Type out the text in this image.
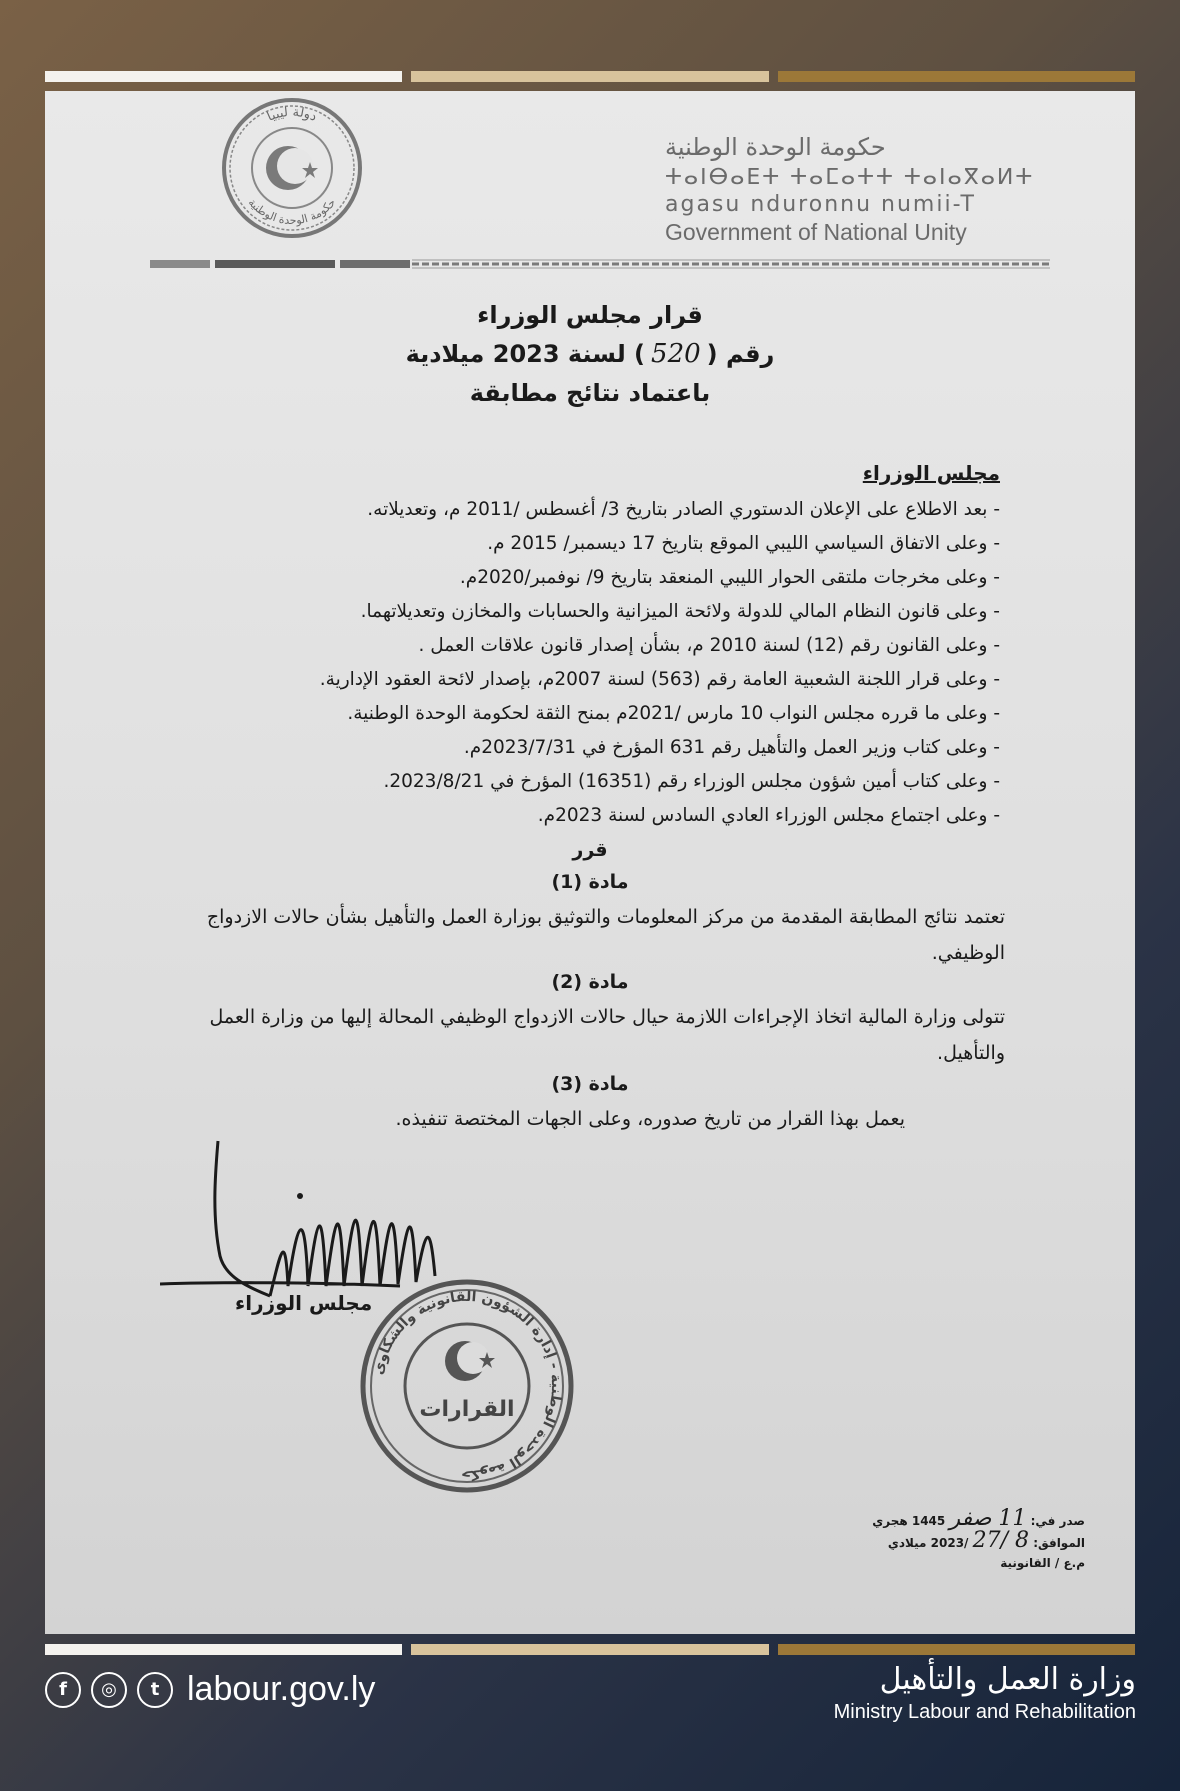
دولة ليبيا
حكومة الوحدة الوطنية
حكومة الوحدة الوطنية
ⵜⴰⵏⴱⴰⴹⵜ ⵜⴰⵎⴰⵜⵜ ⵜⴰⵏⴰⴳⴰⵍⵜ
agasu nduronnu numii-T
Government of National Unity
قرار مجلس الوزراء
رقم (520) لسنة 2023 ميلادية
باعتماد نتائج مطابقة
مجلس الوزراء
- بعد الاطلاع على الإعلان الدستوري الصادر بتاريخ 3/ أغسطس /2011 م، وتعديلاته.
- وعلى الاتفاق السياسي الليبي الموقع بتاريخ 17 ديسمبر/ 2015 م.
- وعلى مخرجات ملتقى الحوار الليبي المنعقد بتاريخ 9/ نوفمبر/2020م.
- وعلى قانون النظام المالي للدولة ولائحة الميزانية والحسابات والمخازن وتعديلاتهما.
- وعلى القانون رقم (12) لسنة 2010 م، بشأن إصدار قانون علاقات العمل .
- وعلى قرار اللجنة الشعبية العامة رقم (563) لسنة 2007م، بإصدار لائحة العقود الإدارية.
- وعلى ما قرره مجلس النواب 10 مارس /2021م بمنح الثقة لحكومة الوحدة الوطنية.
- وعلى كتاب وزير العمل والتأهيل رقم 631 المؤرخ في 2023/7/31م.
- وعلى كتاب أمين شؤون مجلس الوزراء رقم (16351) المؤرخ في 2023/8/21.
- وعلى اجتماع مجلس الوزراء العادي السادس لسنة 2023م.
قرر
مادة (1)
تعتمد نتائج المطابقة المقدمة من مركز المعلومات والتوثيق بوزارة العمل والتأهيل بشأن حالات الازدواج الوظيفي.
مادة (2)
تتولى وزارة المالية اتخاذ الإجراءات اللازمة حيال حالات الازدواج الوظيفي المحالة إليها من وزارة العمل والتأهيل.
مادة (3)
يعمل بهذا القرار من تاريخ صدوره، وعلى الجهات المختصة تنفيذه.
مجلس الوزراء
حكومة الوحدة الوطنية - إدارة الشؤون القانونية والشكاوى
القرارات
صدر في: 11 صفر 1445 هجري
الموافق: 8 /27 /2023 ميلادي
م.ع / القانونية
f	◎	t labour.gov.ly	وزارة العمل والتأهيل
Ministry Labour and Rehabilitation
